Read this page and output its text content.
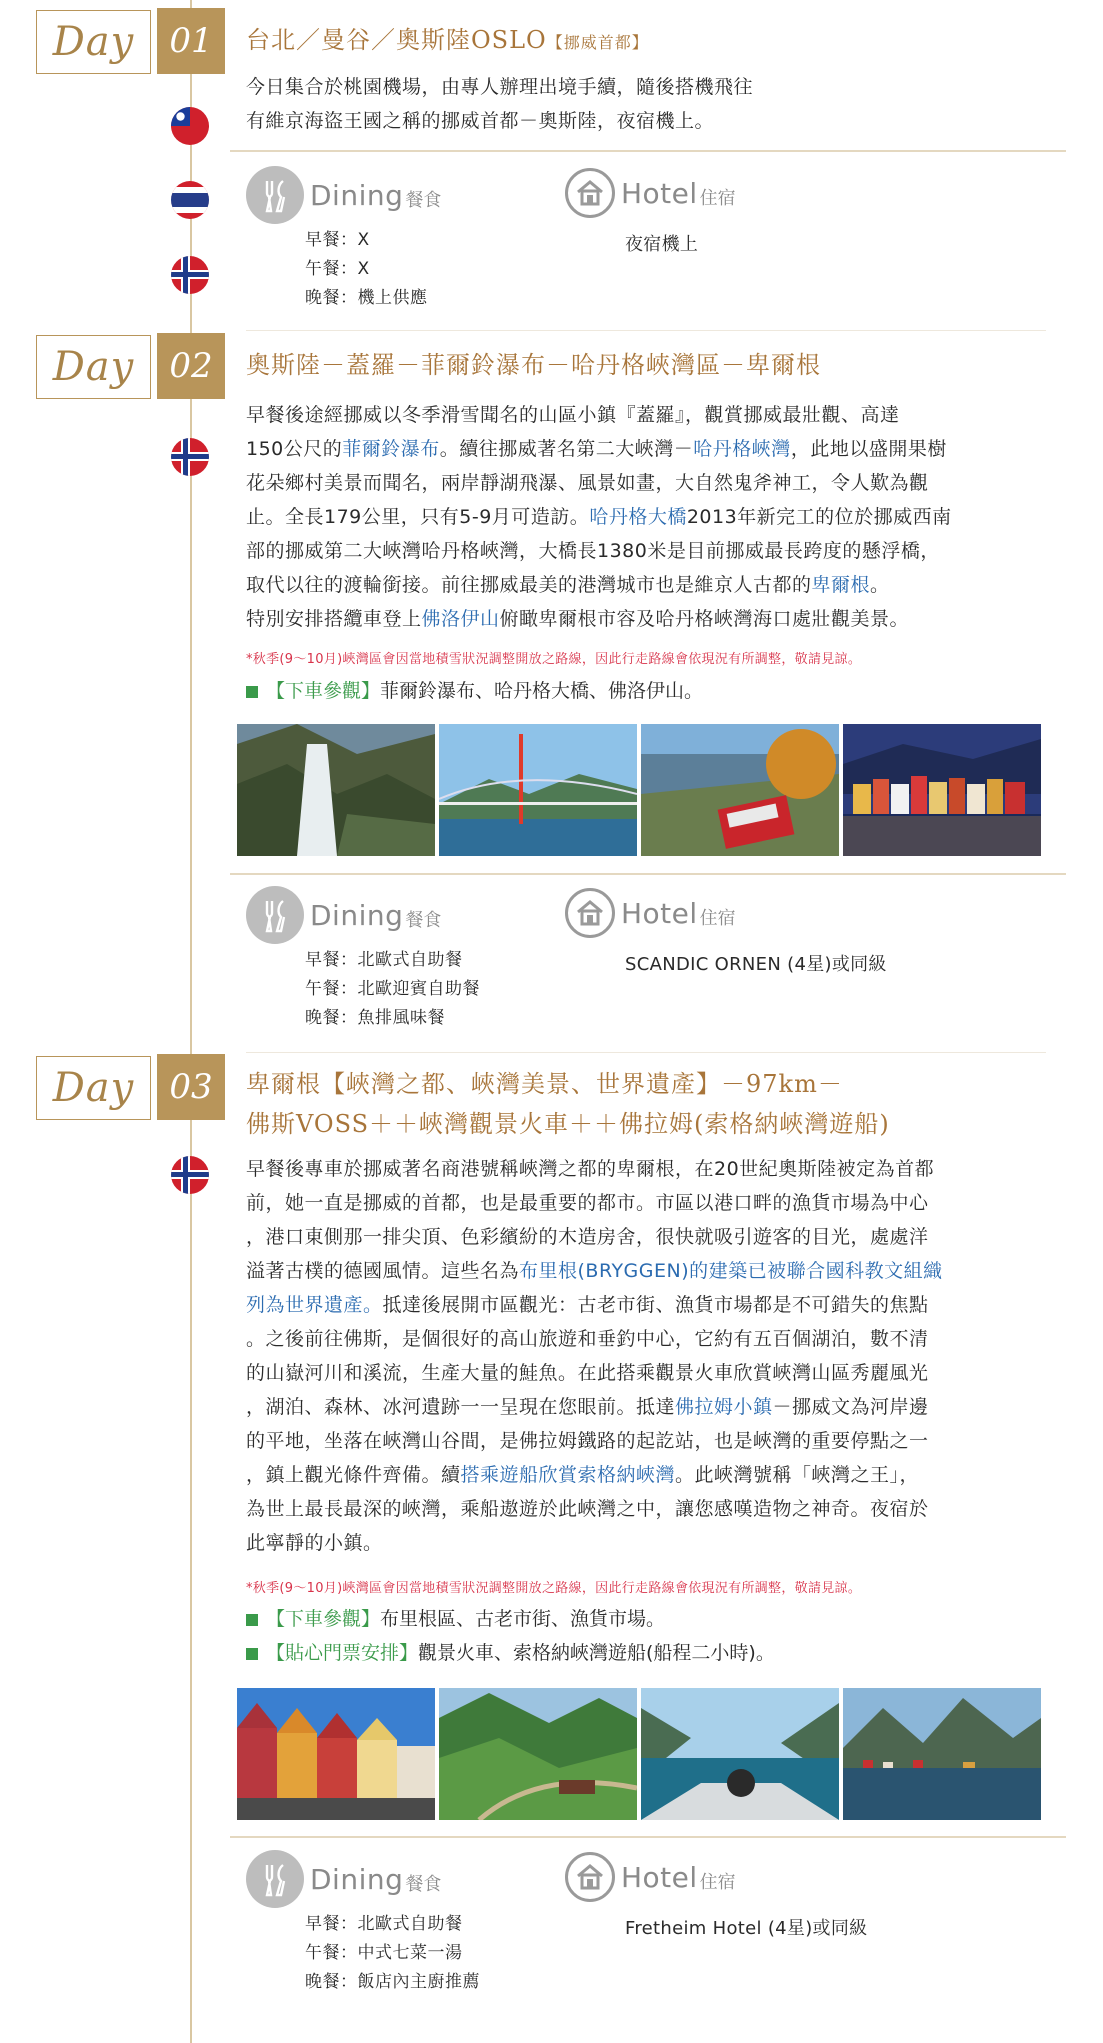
Day	01	台北／曼谷／奧斯陸OSLO【挪威首都】
今日集合於桃園機場，由專人辦理出境手續，隨後搭機飛往
有維京海盜王國之稱的挪威首都－奧斯陸，夜宿機上。
Dining 餐食
早餐：X
午餐：X
晚餐：機上供應
Hotel 住宿
夜宿機上
Day	02	奧斯陸－蓋羅－菲爾鈴瀑布－哈丹格峽灣區－卑爾根
早餐後途經挪威以冬季滑雪聞名的山區小鎮『蓋羅』，觀賞挪威最壯觀、高達
150公尺的菲爾鈴瀑布。續往挪威著名第二大峽灣－哈丹格峽灣，此地以盛開果樹
花朵鄉村美景而聞名，兩岸靜湖飛瀑、風景如畫，大自然鬼斧神工，令人歎為觀
止。全長179公里，只有5-9月可造訪。哈丹格大橋2013年新完工的位於挪威西南
部的挪威第二大峽灣哈丹格峽灣，大橋長1380米是目前挪威最長跨度的懸浮橋，
取代以往的渡輪銜接。前往挪威最美的港灣城市也是維京人古都的卑爾根。
特別安排搭纜車登上佛洛伊山俯瞰卑爾根市容及哈丹格峽灣海口處壯觀美景。
*秋季(9～10月)峽灣區會因當地積雪狀況調整開放之路線，因此行走路線會依現況有所調整，敬請見諒。
【下車參觀】菲爾鈴瀑布、哈丹格大橋、佛洛伊山。
Dining 餐食
早餐：北歐式自助餐
午餐：北歐迎賓自助餐
晚餐：魚排風味餐
Hotel 住宿
SCANDIC ORNEN (4星)或同級
Day	03	卑爾根【峽灣之都、峽灣美景、世界遺產】－97km－
佛斯VOSS＋＋峽灣觀景火車＋＋佛拉姆(索格納峽灣遊船)
早餐後專車於挪威著名商港號稱峽灣之都的卑爾根，在20世紀奧斯陸被定為首都
前，她一直是挪威的首都，也是最重要的都市。市區以港口畔的漁貨市場為中心
，港口東側那一排尖頂、色彩繽紛的木造房舍，很快就吸引遊客的目光，處處洋
溢著古樸的德國風情。這些名為布里根(BRYGGEN)的建築已被聯合國科教文組織
列為世界遺產。抵達後展開市區觀光：古老市街、漁貨市場都是不可錯失的焦點
。之後前往佛斯，是個很好的高山旅遊和垂釣中心，它約有五百個湖泊，數不清
的山嶽河川和溪流，生產大量的鮭魚。在此搭乘觀景火車欣賞峽灣山區秀麗風光
，湖泊、森林、冰河遺跡一一呈現在您眼前。抵達佛拉姆小鎮－挪威文為河岸邊
的平地，坐落在峽灣山谷間，是佛拉姆鐵路的起訖站，也是峽灣的重要停點之一
，鎮上觀光條件齊備。續搭乘遊船欣賞索格納峽灣。此峽灣號稱「峽灣之王」，
為世上最長最深的峽灣，乘船遨遊於此峽灣之中，讓您感嘆造物之神奇。夜宿於
此寧靜的小鎮。
*秋季(9～10月)峽灣區會因當地積雪狀況調整開放之路線，因此行走路線會依現況有所調整，敬請見諒。
【下車參觀】布里根區、古老市街、漁貨市場。
【貼心門票安排】觀景火車、索格納峽灣遊船(船程二小時)。
Dining 餐食
早餐：北歐式自助餐
午餐：中式七菜一湯
晚餐：飯店內主廚推薦
Hotel 住宿
Fretheim Hotel (4星)或同級
